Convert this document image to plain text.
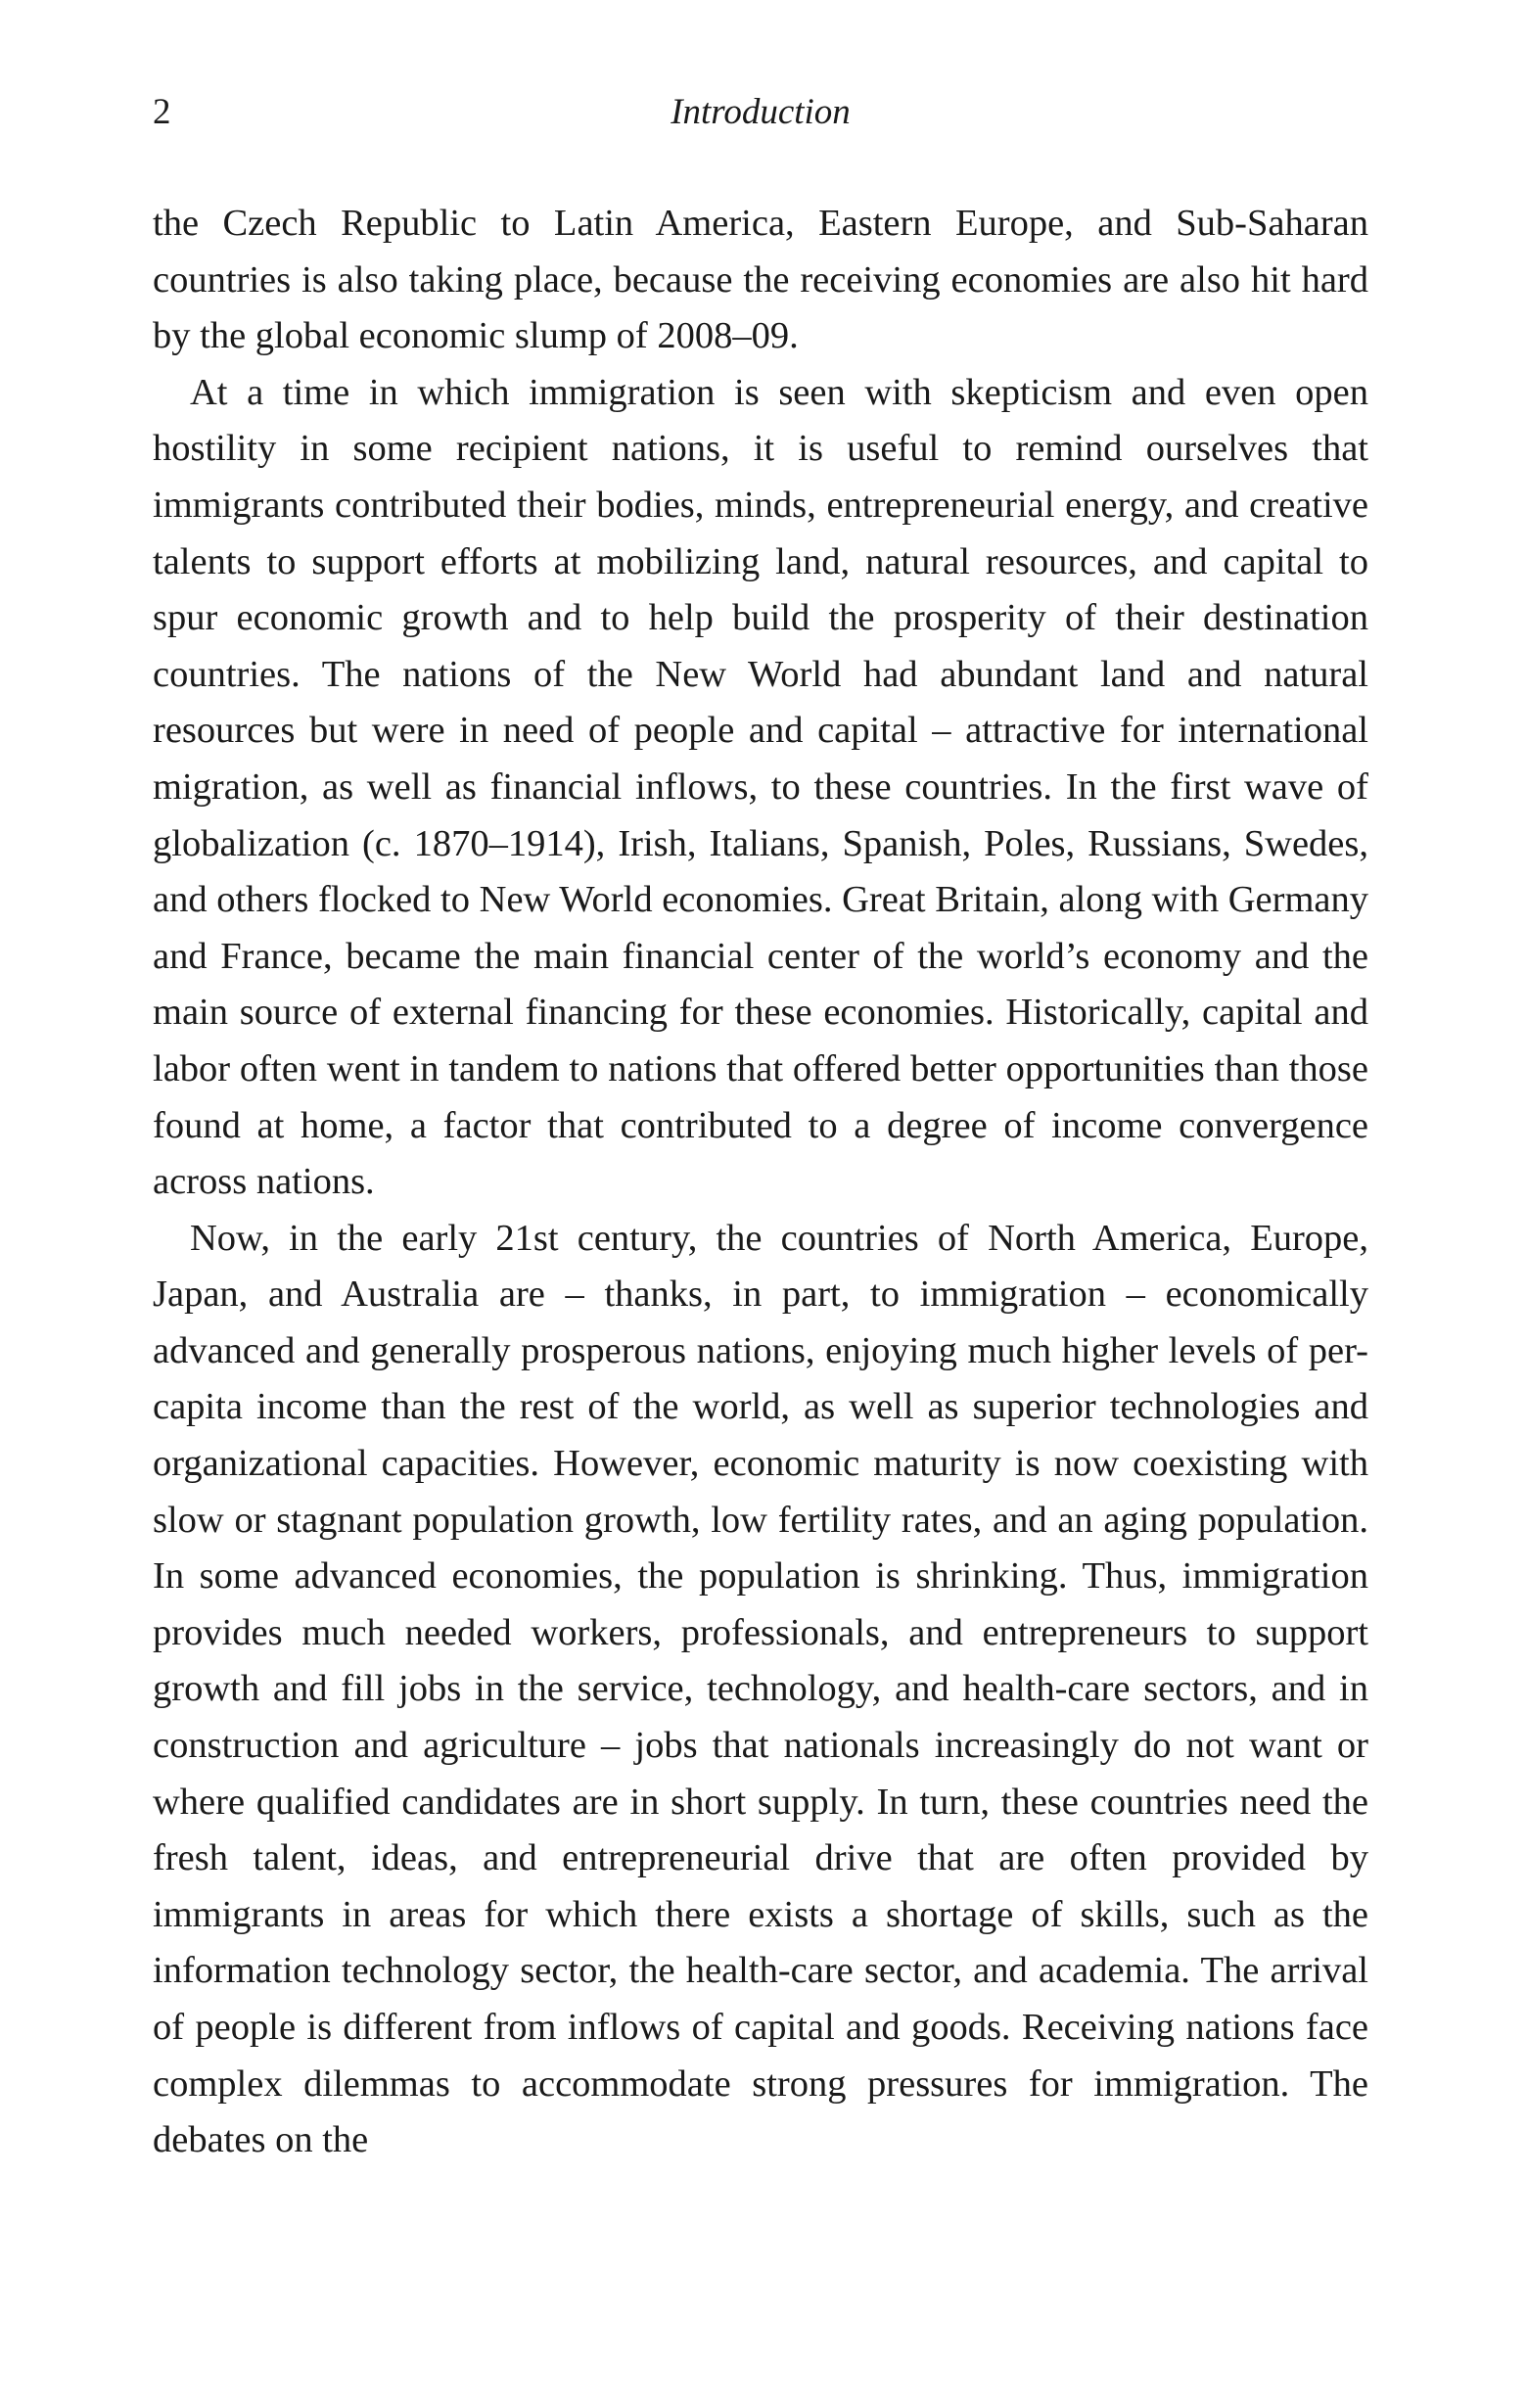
2	Introduction

the Czech Republic to Latin America, Eastern Europe, and Sub-Saharan countries is also taking place, because the receiving economies are also hit hard by the global economic slump of 2008–09.

At a time in which immigration is seen with skepticism and even open hostility in some recipient nations, it is useful to remind ourselves that immigrants contributed their bodies, minds, entrepreneurial energy, and creative talents to support efforts at mobilizing land, natural resources, and capital to spur economic growth and to help build the prosperity of their destination countries. The nations of the New World had abundant land and natural resources but were in need of people and capital – attractive for international migration, as well as financial inflows, to these countries. In the first wave of globalization (c. 1870–1914), Irish, Italians, Spanish, Poles, Russians, Swedes, and others flocked to New World economies. Great Britain, along with Germany and France, became the main financial center of the world’s economy and the main source of external financing for these economies. Historically, capital and labor often went in tandem to nations that offered better opportunities than those found at home, a factor that contributed to a degree of income convergence across nations.

Now, in the early 21st century, the countries of North America, Europe, Japan, and Australia are – thanks, in part, to immigration – economically advanced and generally prosperous nations, enjoying much higher levels of per-capita income than the rest of the world, as well as superior technologies and organizational capacities. However, economic maturity is now coexisting with slow or stagnant population growth, low fertility rates, and an aging population. In some advanced economies, the population is shrinking. Thus, immigration provides much needed workers, professionals, and entrepreneurs to support growth and fill jobs in the service, technology, and health-care sectors, and in construction and agriculture – jobs that nationals increasingly do not want or where qualified candidates are in short supply. In turn, these countries need the fresh talent, ideas, and entrepreneurial drive that are often provided by immigrants in areas for which there exists a shortage of skills, such as the information technology sector, the health-care sector, and academia. The arrival of people is different from inflows of capital and goods. Receiving nations face complex dilemmas to accommodate strong pressures for immigration. The debates on the
